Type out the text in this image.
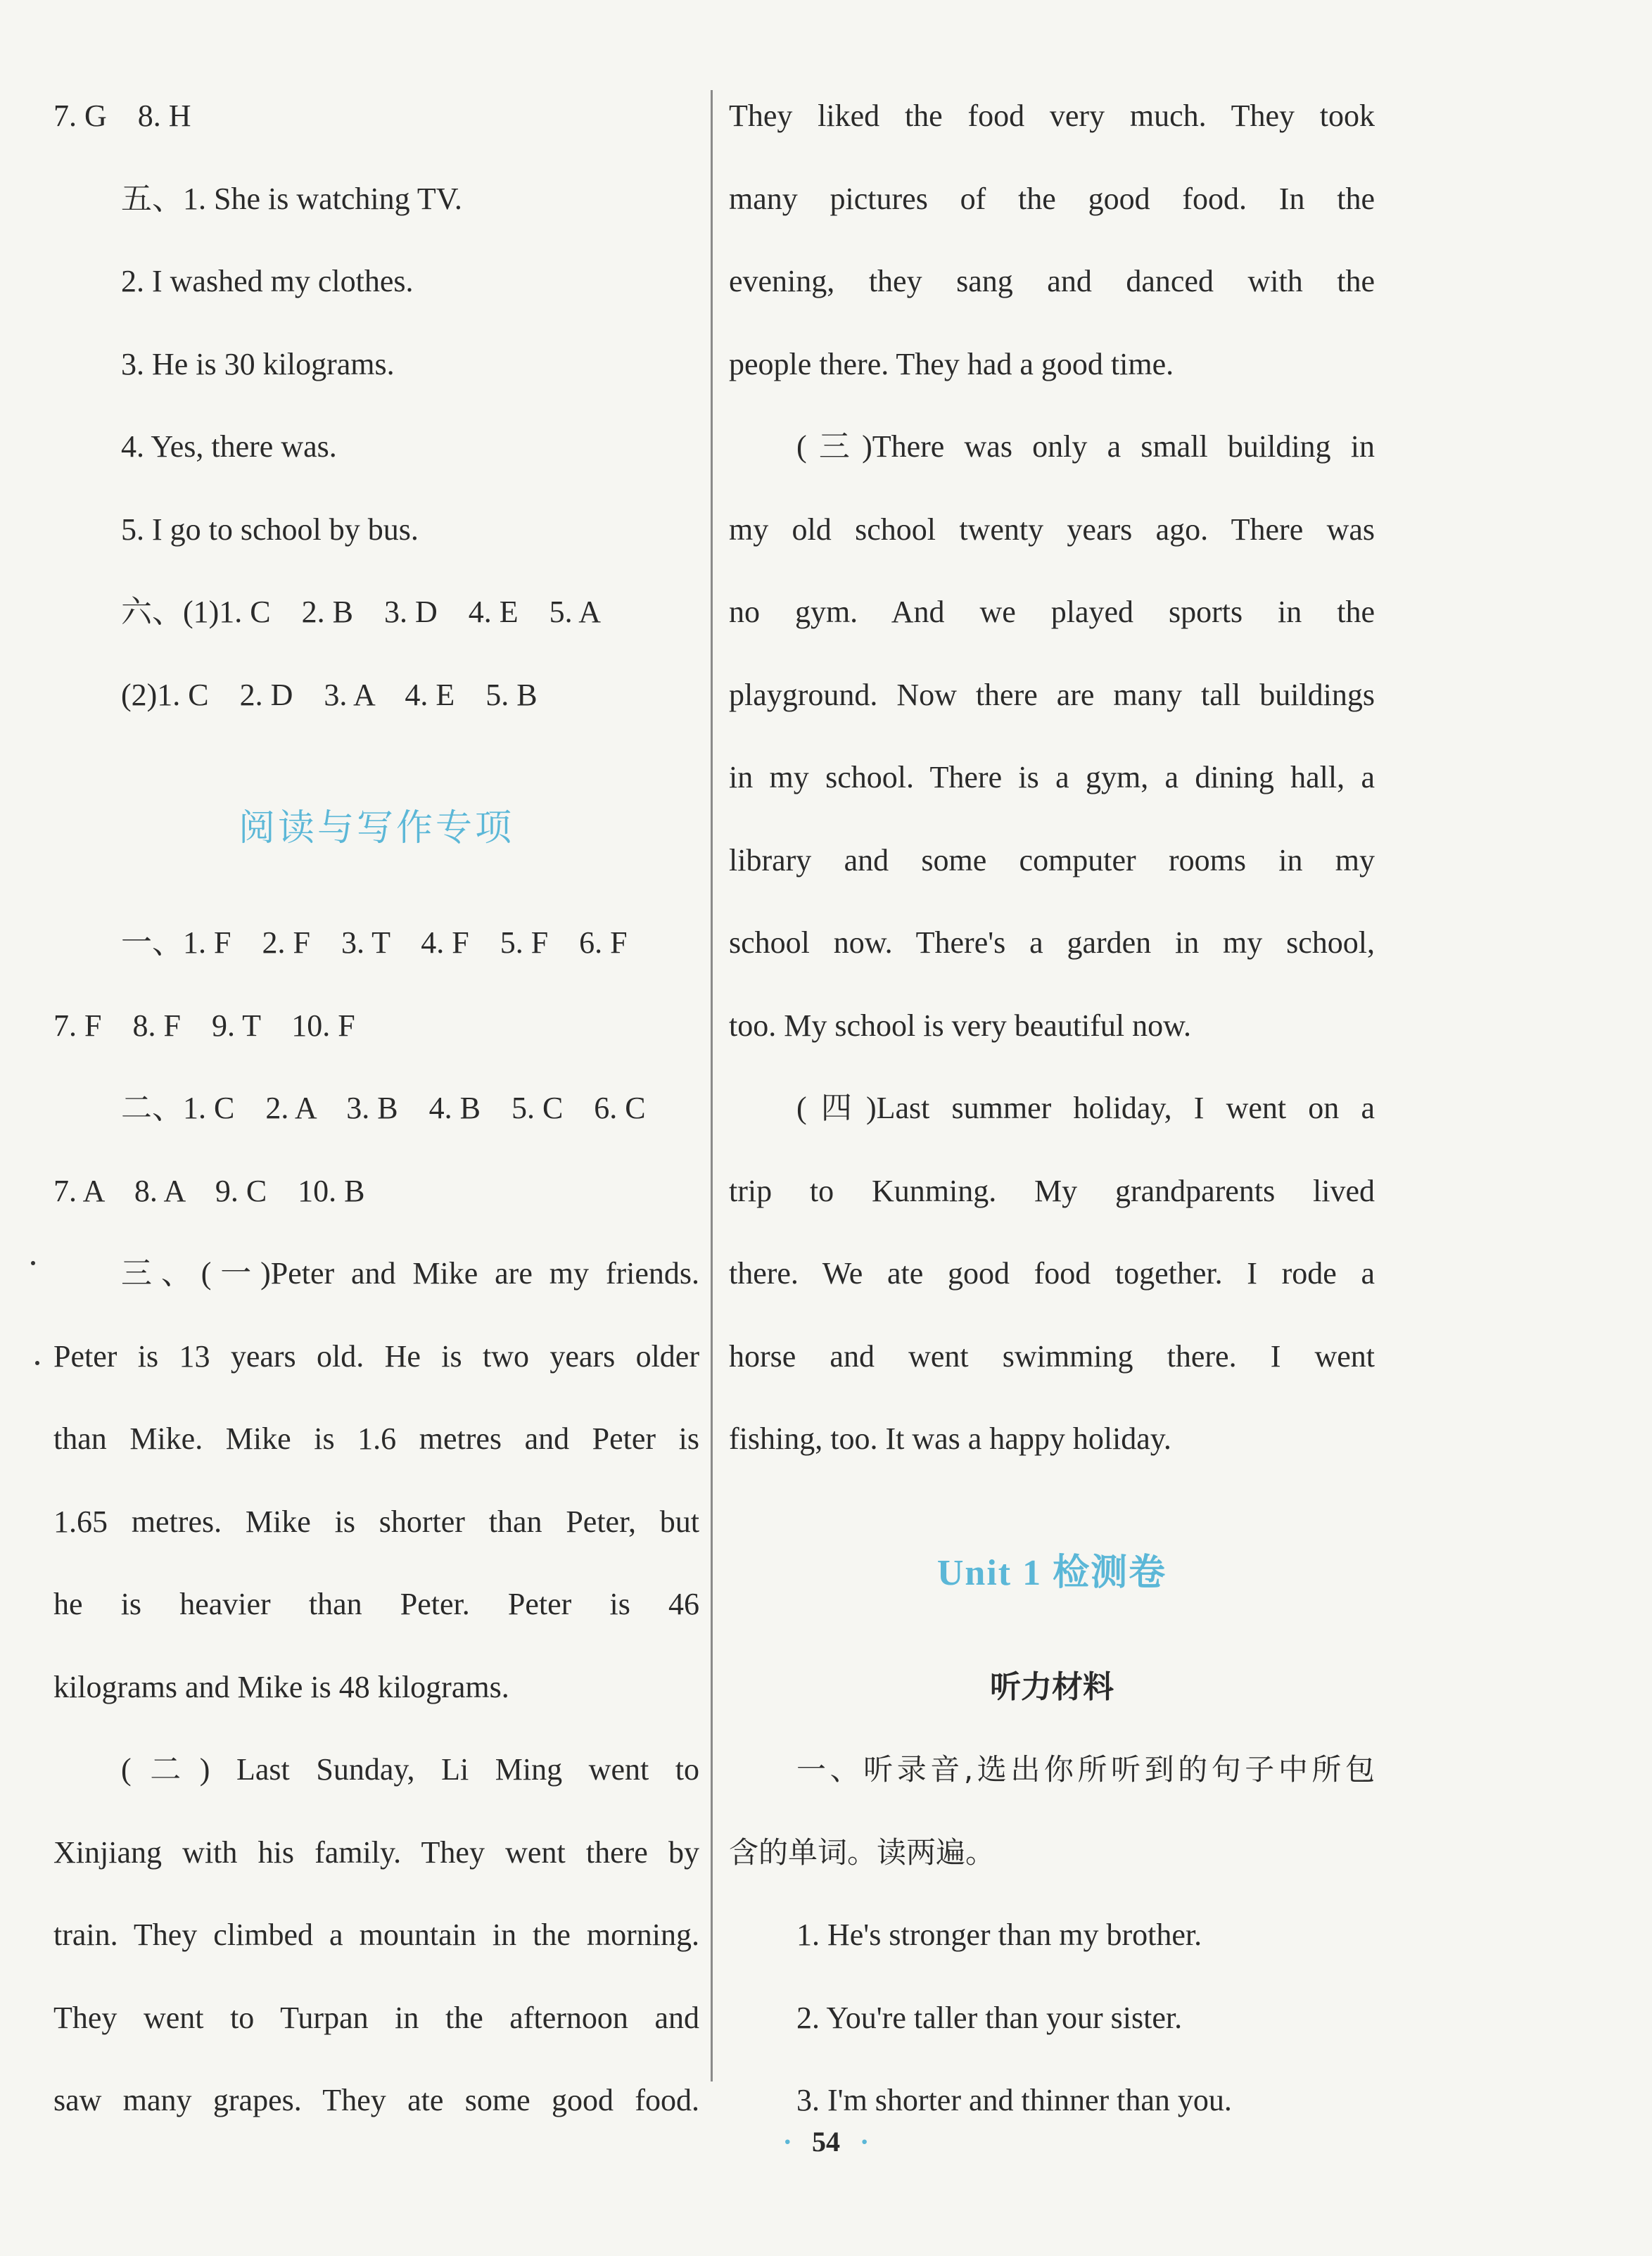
7. G　8. H
五、1. She is watching TV.
2. I washed my clothes.
3. He is 30 kilograms.
4. Yes, there was.
5. I go to school by bus.
六、(1)1. C　2. B　3. D　4. E　5. A
(2)1. C　2. D　3. A　4. E　5. B
阅读与写作专项
一、1. F　2. F　3. T　4. F　5. F　6. F
7. F　8. F　9. T　10. F
二、1. C　2. A　3. B　4. B　5. C　6. C
7. A　8. A　9. C　10. B
三、(一)Peter and Mike are my friends.
Peter is 13 years old. He is two years older
than Mike. Mike is 1.6 metres and Peter is
1.65 metres. Mike is shorter than Peter, but
he is heavier than Peter. Peter is 46
kilograms and Mike is 48 kilograms.
(二) Last Sunday, Li Ming went to
Xinjiang with his family. They went there by
train. They climbed a mountain in the morning.
They went to Turpan in the afternoon and
saw many grapes. They ate some good food.
They liked the food very much. They took
many pictures of the good food. In the
evening, they sang and danced with the
people there. They had a good time.
(三)There was only a small building in
my old school twenty years ago. There was
no gym. And we played sports in the
playground. Now there are many tall buildings
in my school. There is a gym, a dining hall, a
library and some computer rooms in my
school now. There's a garden in my school,
too. My school is very beautiful now.
(四)Last summer holiday, I went on a
trip to Kunming. My grandparents lived
there. We ate good food together. I rode a
horse and went swimming there. I went
fishing, too. It was a happy holiday.
Unit 1 检测卷
听力材料
一、听录音,选出你所听到的句子中所包
含的单词。读两遍。
1. He's stronger than my brother.
2. You're taller than your sister.
3. I'm shorter and thinner than you.
· 54 ·
